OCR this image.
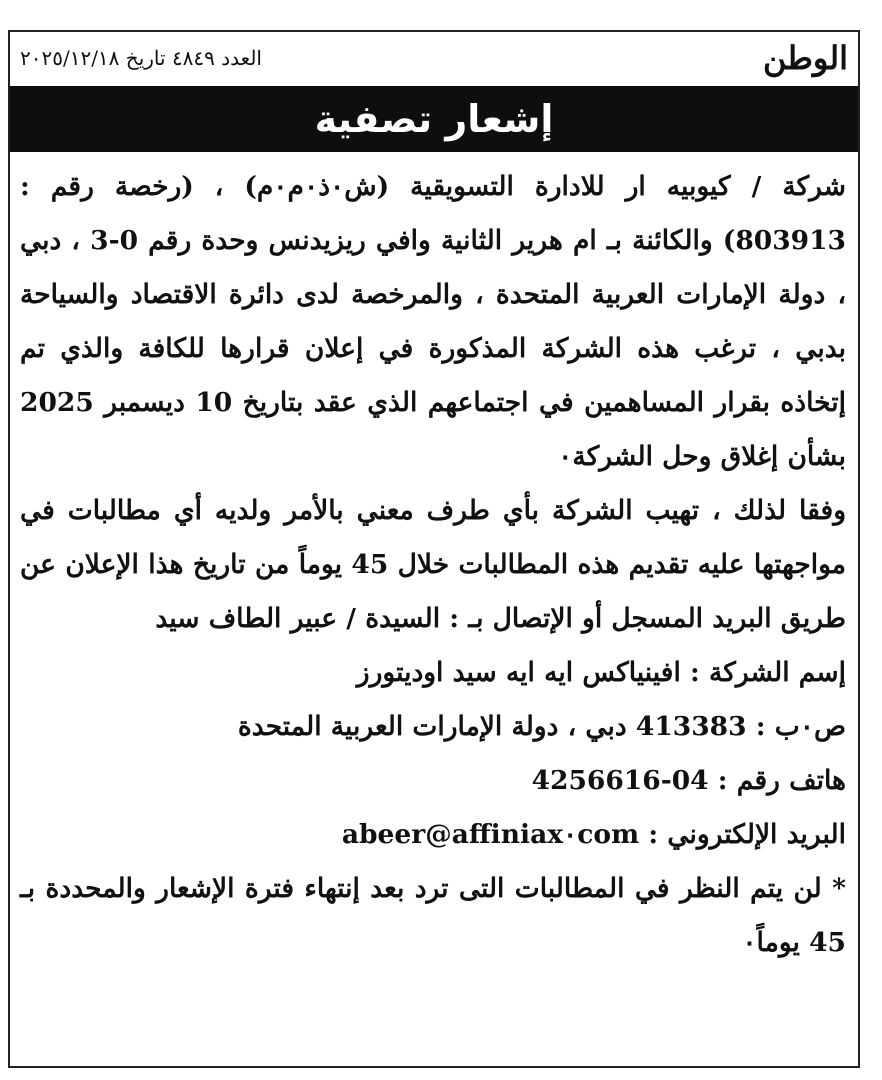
الوطن
العدد ٤٨٤٩ تاريخ ٢٠٢٥/١٢/١٨
إشعار تصفية

شركة / كيوبيه ار للادارة التسويقية (ش٠ذ٠م٠م) ، (رخصة رقم : 803913) والكائنة بـ ام هرير الثانية وافي ريزيدنس وحدة رقم 0-3 ، دبي ، دولة الإمارات العربية المتحدة ، والمرخصة لدى دائرة الاقتصاد والسياحة بدبي ، ترغب هذه الشركة المذكورة في إعلان قرارها للكافة والذي تم إتخاذه بقرار المساهمين في اجتماعهم الذي عقد بتاريخ 10 ديسمبر 2025 بشأن إغلاق وحل الشركة٠

وفقا لذلك ، تهيب الشركة بأي طرف معني بالأمر ولديه أي مطالبات في مواجهتها عليه تقديم هذه المطالبات خلال 45 يوماً من تاريخ هذا الإعلان عن طريق البريد المسجل أو الإتصال بـ : السيدة / عبير الطاف سيد

إسم الشركة : افينياكس ايه ايه سيد اوديتورز

ص٠ب : 413383 دبي ، دولة الإمارات العربية المتحدة

هاتف رقم : 04-4256616

البريد الإلكتروني : abeer@affiniax٠com

* لن يتم النظر في المطالبات التى ترد بعد إنتهاء فترة الإشعار والمحددة بـ 45 يوماً٠
